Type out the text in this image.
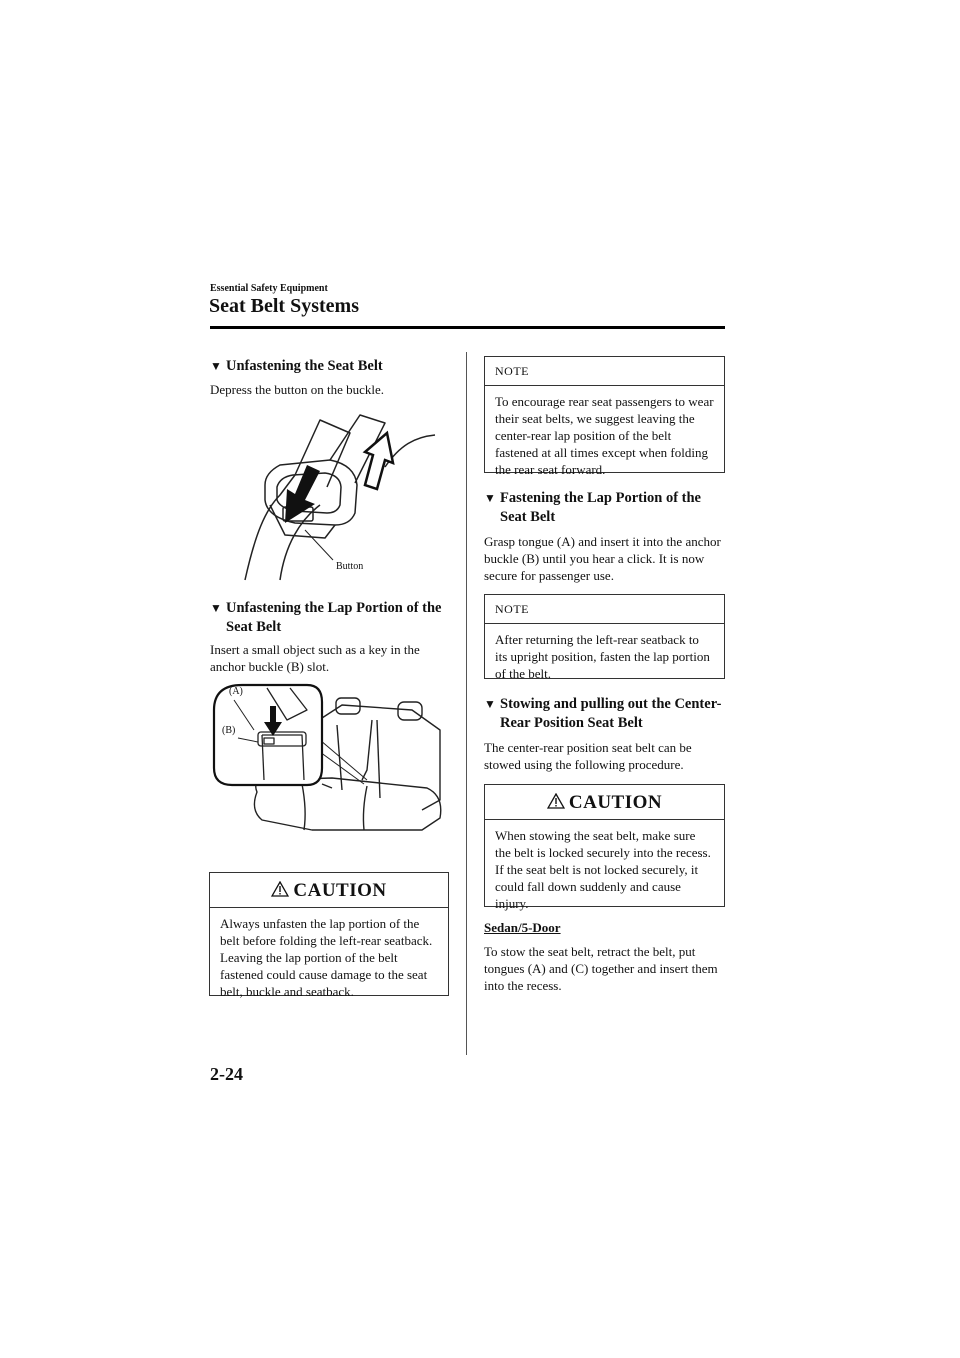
Essential Safety Equipment
Seat Belt Systems
▼ Unfastening the Seat Belt

Depress the button on the buckle.

Button
▼ Unfastening the Lap Portion of the Seat Belt

Insert a small object such as a key in the anchor buckle (B) slot.

(A)
(B)
CAUTION
Always unfasten the lap portion of the belt before folding the left-rear seatback. Leaving the lap portion of the belt fastened could cause damage to the seat belt, buckle and seatback.
NOTE
To encourage rear seat passengers to wear their seat belts, we suggest leaving the center-rear lap position of the belt fastened at all times except when folding the rear seat forward.
▼ Fastening the Lap Portion of the Seat Belt

Grasp tongue (A) and insert it into the anchor buckle (B) until you hear a click. It is now secure for passenger use.

NOTE
After returning the left-rear seatback to its upright position, fasten the lap portion of the belt.
▼ Stowing and pulling out the Center-Rear Position Seat Belt

The center-rear position seat belt can be stowed using the following procedure.

CAUTION
When stowing the seat belt, make sure the belt is locked securely into the recess. If the seat belt is not locked securely, it could fall down suddenly and cause injury.
Sedan/5-Door

To stow the seat belt, retract the belt, put tongues (A) and (C) together and insert them into the recess.

2-24
